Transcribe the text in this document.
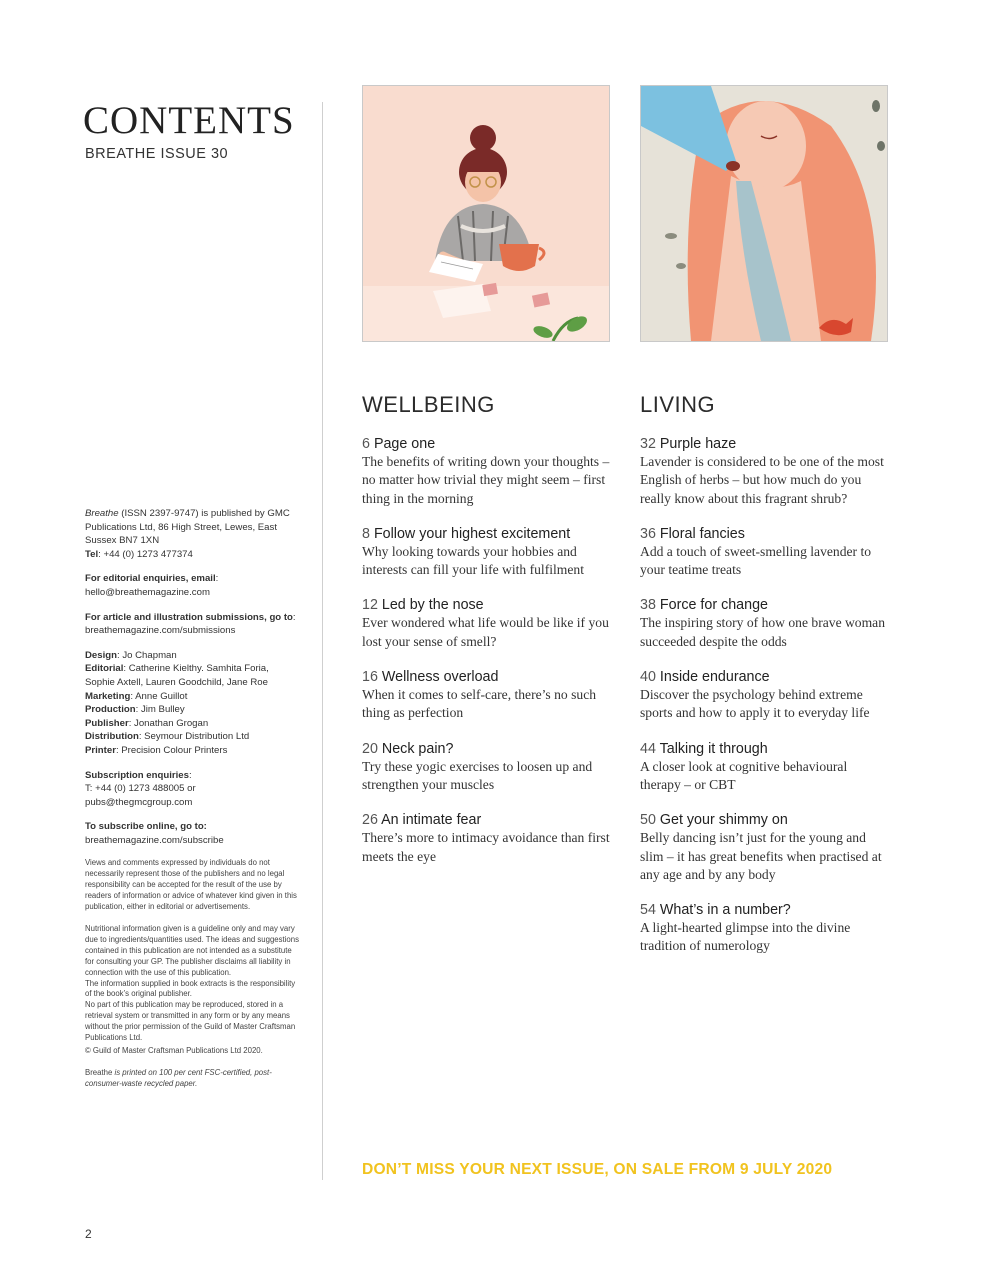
CONTENTS
BREATHE ISSUE 30
WELLBEING
6 Page one
The benefits of writing down your thoughts – no matter how trivial they might seem – first thing in the morning
8 Follow your highest excitement
Why looking towards your hobbies and interests can fill your life with fulfilment
12 Led by the nose
Ever wondered what life would be like if you lost your sense of smell?
16 Wellness overload
When it comes to self-care, there’s no such thing as perfection
20 Neck pain?
Try these yogic exercises to loosen up and strengthen your muscles
26 An intimate fear
There’s more to intimacy avoidance than first meets the eye
LIVING
32 Purple haze
Lavender is considered to be one of the most English of herbs – but how much do you really know about this fragrant shrub?
36 Floral fancies
Add a touch of sweet-smelling lavender to your teatime treats
38 Force for change
The inspiring story of how one brave woman succeeded despite the odds
40 Inside endurance
Discover the psychology behind extreme sports and how to apply it to everyday life
44 Talking it through
A closer look at cognitive behavioural therapy – or CBT
50 Get your shimmy on
Belly dancing isn’t just for the young and slim – it has great benefits when practised at any age and by any body
54 What’s in a number?
A light-hearted glimpse into the divine tradition of numerology

Breathe (ISSN 2397-9747) is published by GMC Publications Ltd, 86 High Street, Lewes, East Sussex BN7 1XN

Tel: +44 (0) 1273 477374

For editorial enquiries, email:
hello@breathemagazine.com

For article and illustration submissions, go to:
breathemagazine.com/submissions

Design: Jo Chapman
Editorial: Catherine Kielthy. Samhita Foria, Sophie Axtell, Lauren Goodchild, Jane Roe
Marketing: Anne Guillot
Production: Jim Bulley
Publisher: Jonathan Grogan
Distribution: Seymour Distribution Ltd
Printer: Precision Colour Printers

Subscription enquiries:
T: +44 (0) 1273 488005 or pubs@thegmcgroup.com

To subscribe online, go to:
breathemagazine.com/subscribe

Views and comments expressed by individuals do not necessarily represent those of the publishers and no legal responsibility can be accepted for the result of the use by readers of information or advice of whatever kind given in this publication, either in editorial or advertisements.

Nutritional information given is a guideline only and may vary due to ingredients/quantities used. The ideas and suggestions contained in this publication are not intended as a substitute for consulting your GP. The publisher disclaims all liability in connection with the use of this publication.

The information supplied in book extracts is the responsibility of the book’s original publisher.

No part of this publication may be reproduced, stored in a retrieval system or transmitted in any form or by any means without the prior permission of the Guild of Master Craftsman Publications Ltd.

© Guild of Master Craftsman Publications Ltd 2020.

Breathe is printed on 100 per cent FSC-certified, post-consumer-waste recycled paper.

DON’T MISS YOUR NEXT ISSUE, ON SALE FROM 9 JULY 2020
2
